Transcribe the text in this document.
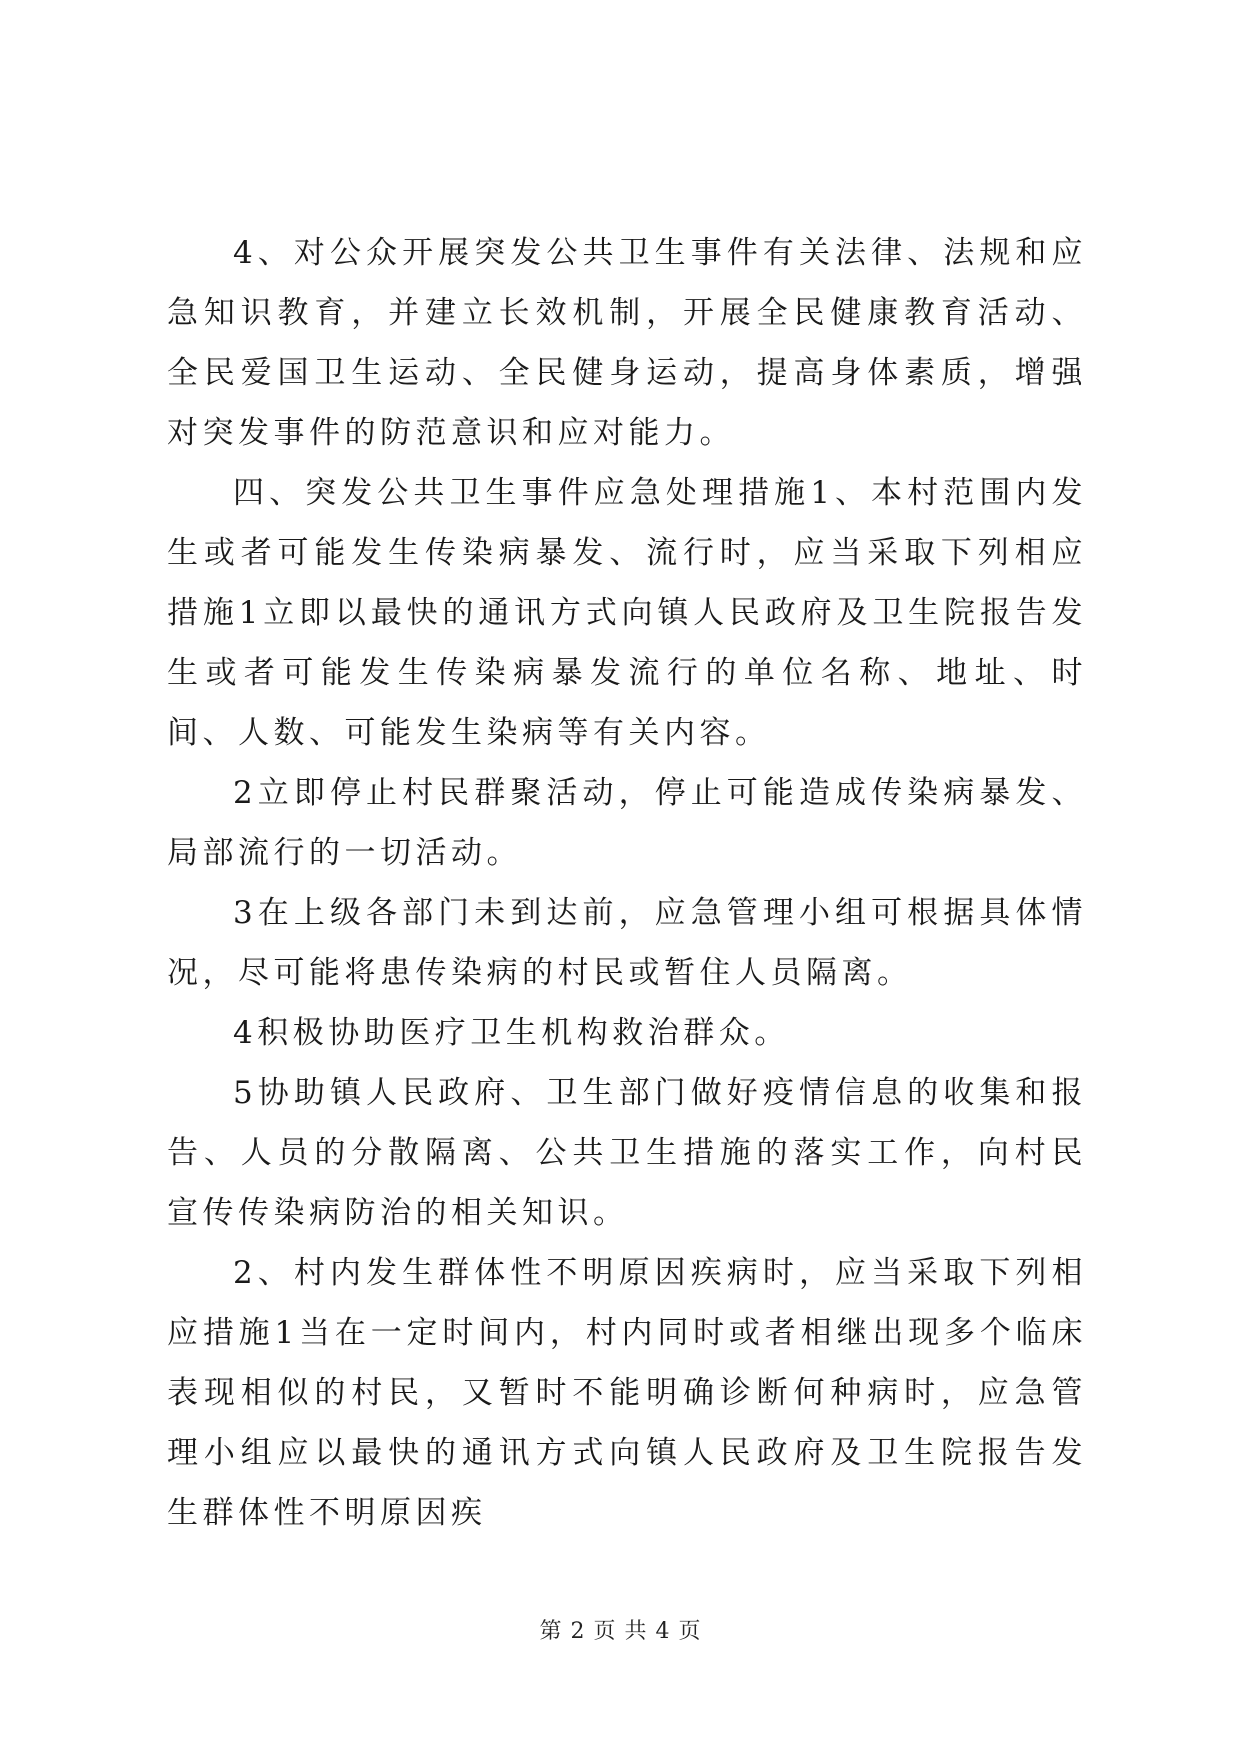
4、对公众开展突发公共卫生事件有关法律、法规和应急知识教育，并建立长效机制，开展全民健康教育活动、全民爱国卫生运动、全民健身运动，提高身体素质，增强对突发事件的防范意识和应对能力。

四、突发公共卫生事件应急处理措施1、本村范围内发生或者可能发生传染病暴发、流行时，应当采取下列相应措施1立即以最快的通讯方式向镇人民政府及卫生院报告发生或者可能发生传染病暴发流行的单位名称、地址、时间、人数、可能发生染病等有关内容。

2立即停止村民群聚活动，停止可能造成传染病暴发、局部流行的一切活动。

3在上级各部门未到达前，应急管理小组可根据具体情况，尽可能将患传染病的村民或暂住人员隔离。

4积极协助医疗卫生机构救治群众。

5协助镇人民政府、卫生部门做好疫情信息的收集和报告、人员的分散隔离、公共卫生措施的落实工作，向村民宣传传染病防治的相关知识。

2、村内发生群体性不明原因疾病时，应当采取下列相应措施1当在一定时间内，村内同时或者相继出现多个临床表现相似的村民，又暂时不能明确诊断何种病时，应急管理小组应以最快的通讯方式向镇人民政府及卫生院报告发生群体性不明原因疾

第 2 页 共 4 页
